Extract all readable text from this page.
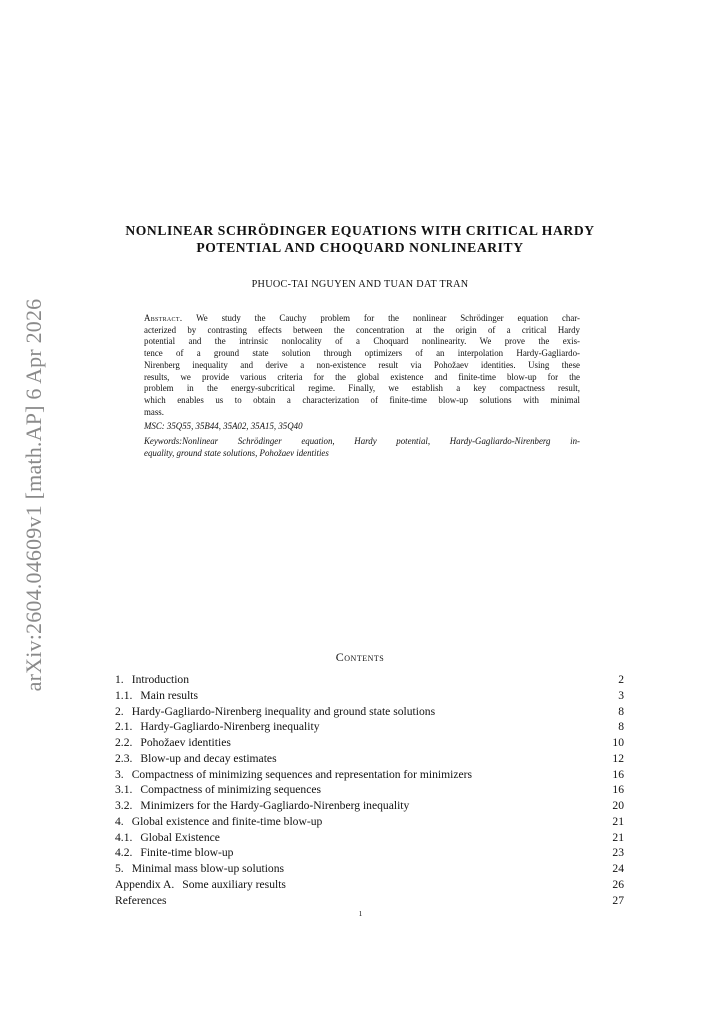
arXiv:2604.04609v1 [math.AP] 6 Apr 2026
NONLINEAR SCHRÖDINGER EQUATIONS WITH CRITICAL HARDY
POTENTIAL AND CHOQUARD NONLINEARITY
PHUOC-TAI NGUYEN AND TUAN DAT TRAN
Abstract. We study the Cauchy problem for the nonlinear Schrödinger equation char-
acterized by contrasting effects between the concentration at the origin of a critical Hardy
potential and the intrinsic nonlocality of a Choquard nonlinearity. We prove the exis-
tence of a ground state solution through optimizers of an interpolation Hardy-Gagliardo-
Nirenberg inequality and derive a non-existence result via Pohožaev identities. Using these
results, we provide various criteria for the global existence and finite-time blow-up for the
problem in the energy-subcritical regime. Finally, we establish a key compactness result,
which enables us to obtain a characterization of finite-time blow-up solutions with minimal
mass.
MSC: 35Q55, 35B44, 35A02, 35A15, 35Q40
Keywords:Nonlinear Schrödinger equation, Hardy potential, Hardy-Gagliardo-Nirenberg in-
equality, ground state solutions, Pohožaev identities
Contents
1. Introduction	2
1.1. Main results	3
2. Hardy-Gagliardo-Nirenberg inequality and ground state solutions	8
2.1. Hardy-Gagliardo-Nirenberg inequality	8
2.2. Pohožaev identities	10
2.3. Blow-up and decay estimates	12
3. Compactness of minimizing sequences and representation for minimizers	16
3.1. Compactness of minimizing sequences	16
3.2. Minimizers for the Hardy-Gagliardo-Nirenberg inequality	20
4. Global existence and finite-time blow-up	21
4.1. Global Existence	21
4.2. Finite-time blow-up	23
5. Minimal mass blow-up solutions	24
Appendix A. Some auxiliary results	26
References	27
1
